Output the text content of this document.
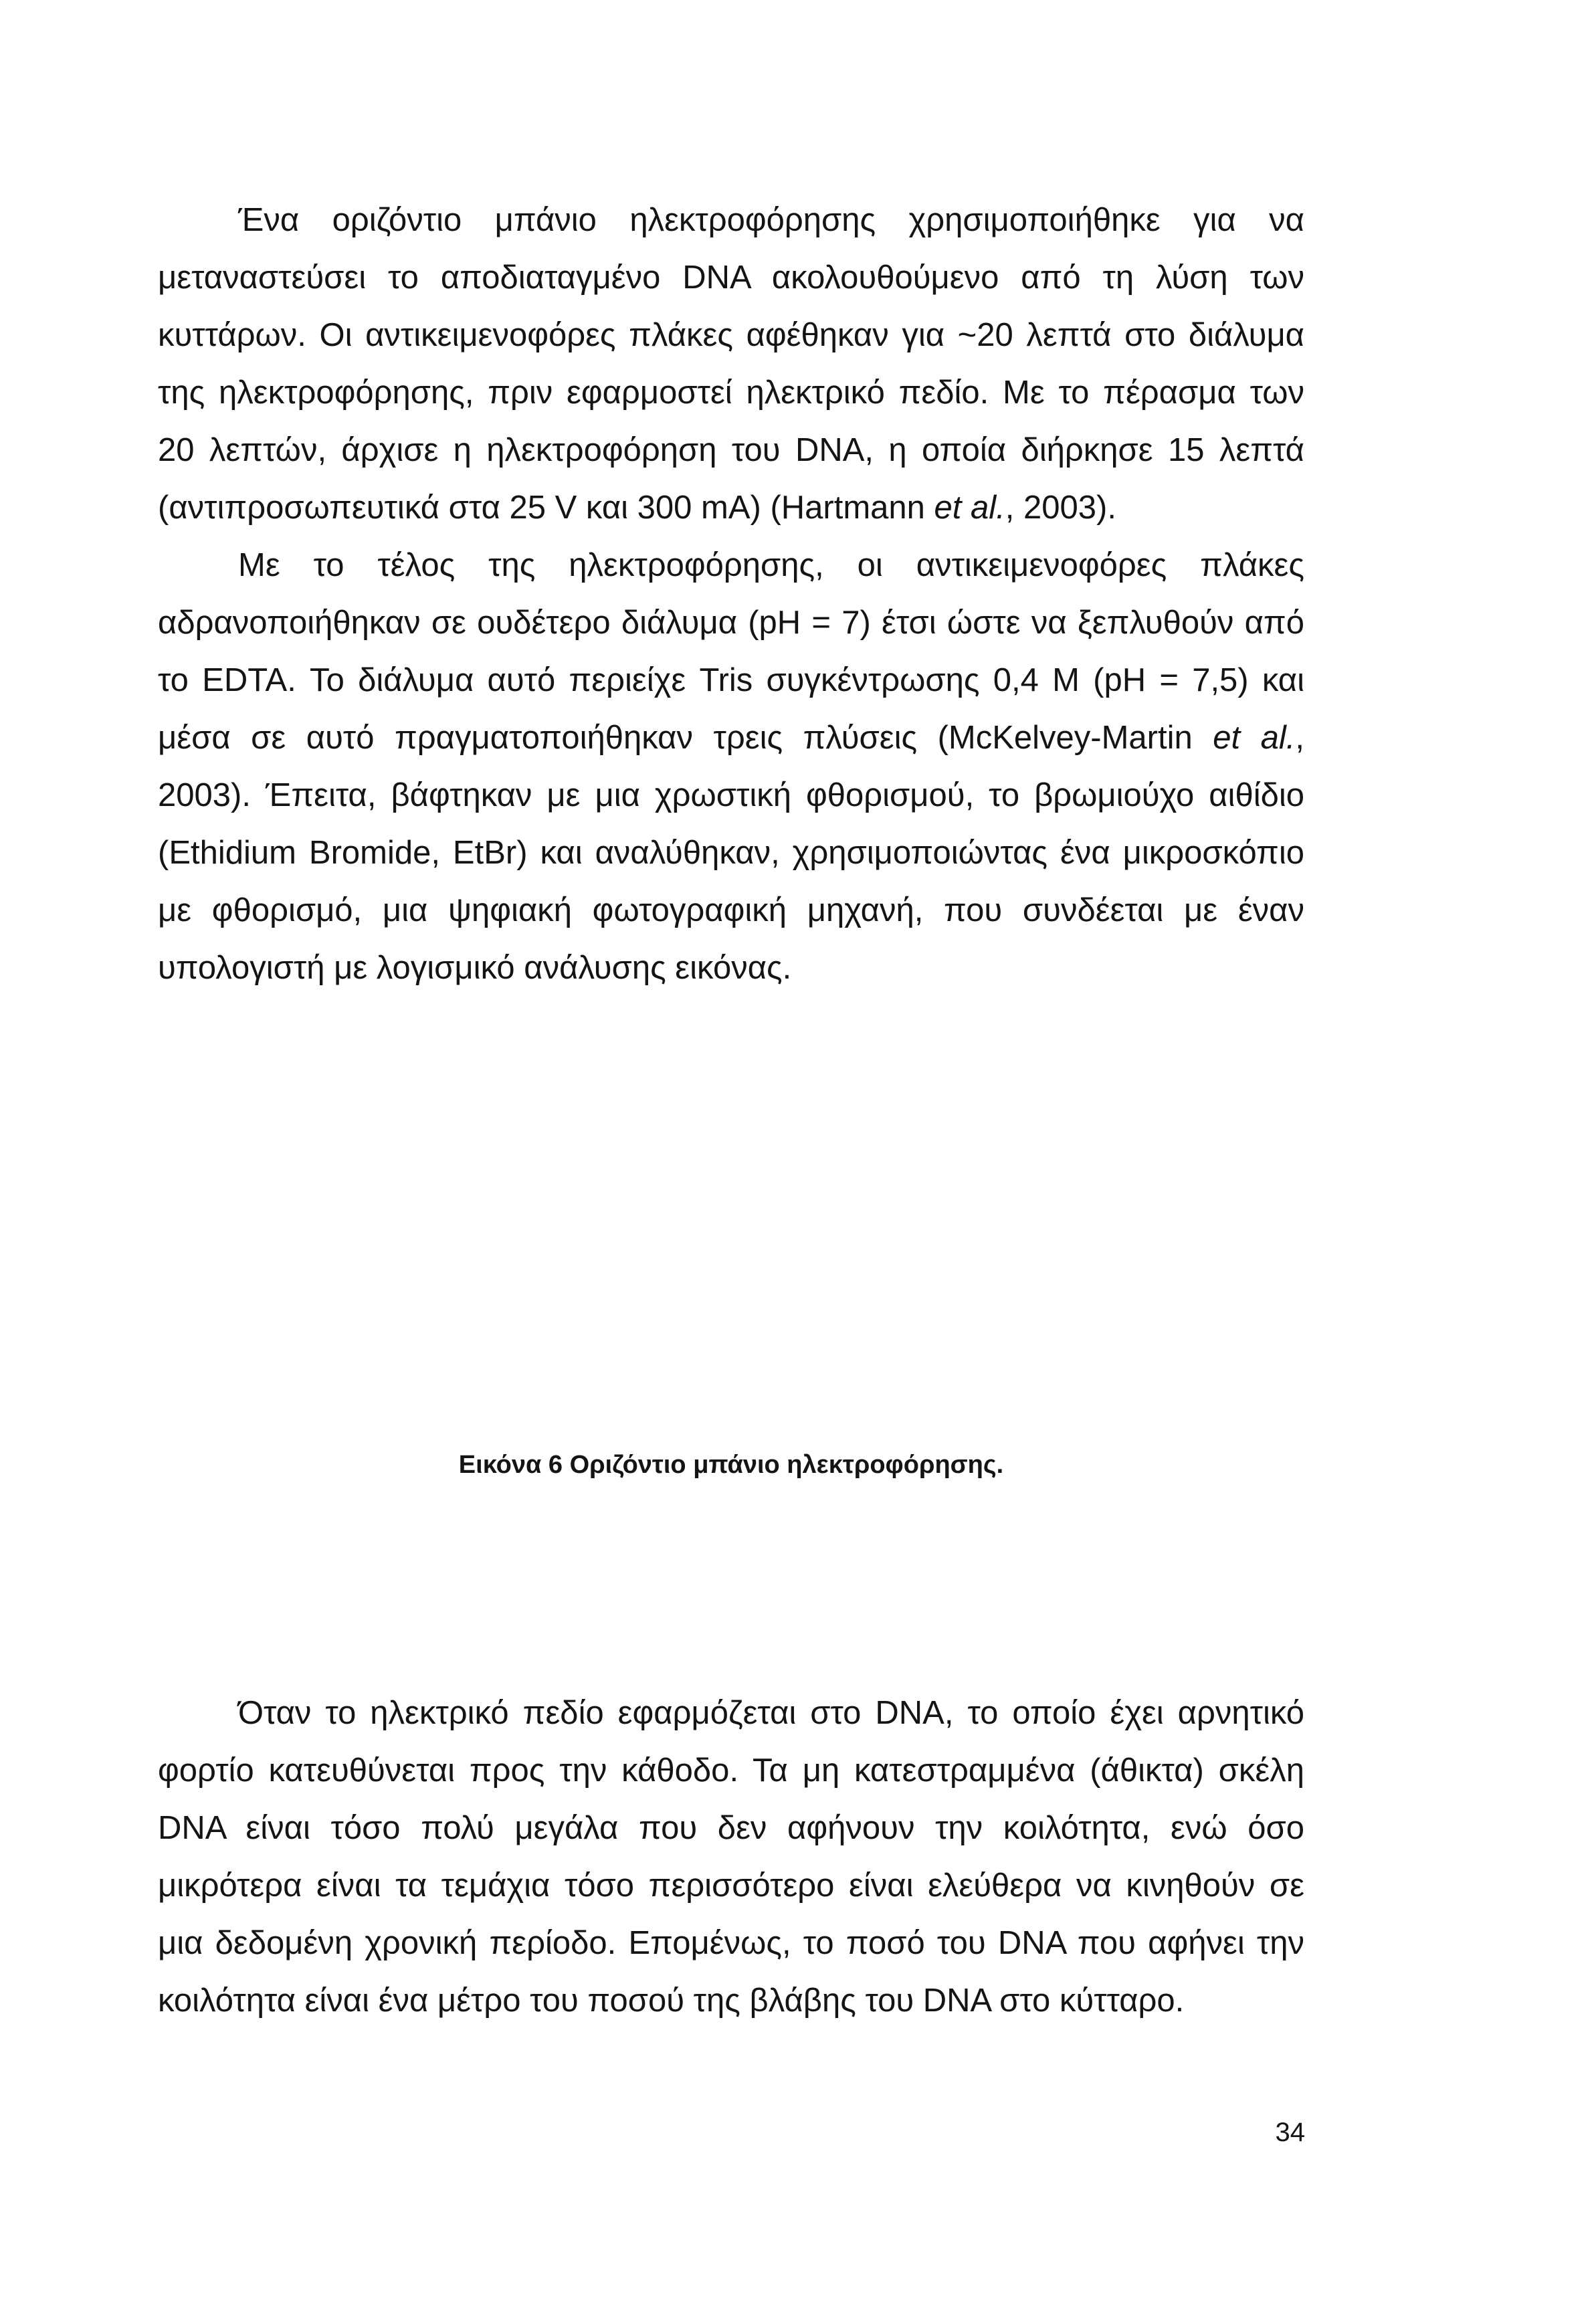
Ένα οριζόντιο μπάνιο ηλεκτροφόρησης χρησιμοποιήθηκε για να μεταναστεύσει το αποδιαταγμένο DNA ακολουθούμενο από τη λύση των κυττάρων. Οι αντικειμενοφόρες πλάκες αφέθηκαν για ~20 λεπτά στο διάλυμα της ηλεκτροφόρησης, πριν εφαρμοστεί ηλεκτρικό πεδίο. Με το πέρασμα των 20 λεπτών, άρχισε η ηλεκτροφόρηση του DNA, η οποία διήρκησε 15 λεπτά (αντιπροσωπευτικά στα 25 V και 300 mA) (Hartmann et al., 2003).

Με το τέλος της ηλεκτροφόρησης, οι αντικειμενοφόρες πλάκες αδρανοποιήθηκαν σε ουδέτερο διάλυμα (pH = 7) έτσι ώστε να ξεπλυθούν από το EDTA. Το διάλυμα αυτό περιείχε Tris συγκέντρωσης 0,4 M (pH = 7,5) και μέσα σε αυτό πραγματοποιήθηκαν τρεις πλύσεις (McKelvey-Martin et al., 2003). Έπειτα, βάφτηκαν με μια χρωστική φθορισμού, το βρωμιούχο αιθίδιο (Ethidium Bromide, EtBr) και αναλύθηκαν, χρησιμοποιώντας ένα μικροσκόπιο με φθορισμό, μια ψηφιακή φωτογραφική μηχανή, που συνδέεται με έναν υπολογιστή με λογισμικό ανάλυσης εικόνας.

Εικόνα 6 Οριζόντιο μπάνιο ηλεκτροφόρησης.

Όταν το ηλεκτρικό πεδίο εφαρμόζεται στο DNA, το οποίο έχει αρνητικό φορτίο κατευθύνεται προς την κάθοδο. Τα μη κατεστραμμένα (άθικτα) σκέλη DNA είναι τόσο πολύ μεγάλα που δεν αφήνουν την κοιλότητα, ενώ όσο μικρότερα είναι τα τεμάχια τόσο περισσότερο είναι ελεύθερα να κινηθούν σε μια δεδομένη χρονική περίοδο. Επομένως, το ποσό του DNA που αφήνει την κοιλότητα είναι ένα μέτρο του ποσού της βλάβης του DNA στο κύτταρο.

34
